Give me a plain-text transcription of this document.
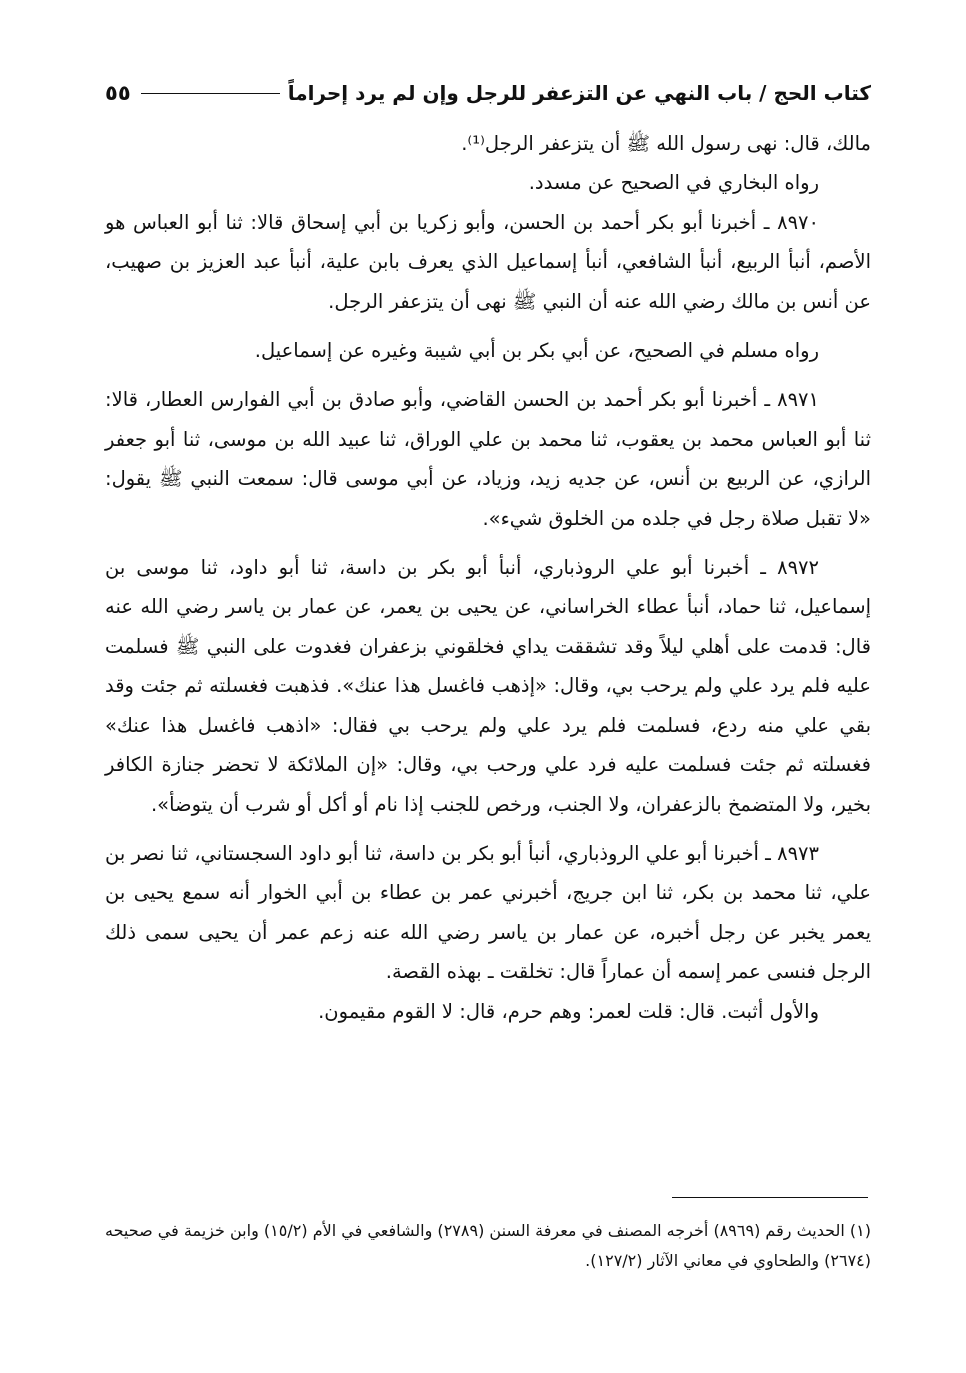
كتاب الحج / باب النهي عن التزعفر للرجل وإن لم يرد إحراماً
٥٥

مالك، قال: نهى رسول الله ﷺ أن يتزعفر الرجل⁽¹⁾.

رواه البخاري في الصحيح عن مسدد.

٨٩٧٠ ـ أخبرنا أبو بكر أحمد بن الحسن، وأبو زكريا بن أبي إسحاق قالا: ثنا أبو العباس هو الأصم، أنبأ الربيع، أنبأ الشافعي، أنبأ إسماعيل الذي يعرف بابن علية، أنبأ عبد العزيز بن صهيب، عن أنس بن مالك رضي الله عنه أن النبي ﷺ نهى أن يتزعفر الرجل.

رواه مسلم في الصحيح، عن أبي بكر بن أبي شيبة وغيره عن إسماعيل.

٨٩٧١ ـ أخبرنا أبو بكر أحمد بن الحسن القاضي، وأبو صادق بن أبي الفوارس العطار، قالا: ثنا أبو العباس محمد بن يعقوب، ثنا محمد بن علي الوراق، ثنا عبيد الله بن موسى، ثنا أبو جعفر الرازي، عن الربيع بن أنس، عن جديه زيد، وزياد، عن أبي موسى قال: سمعت النبي ﷺ يقول: «لا تقبل صلاة رجل في جلده من الخلوق شيء».

٨٩٧٢ ـ أخبرنا أبو علي الروذباري، أنبأ أبو بكر بن داسة، ثنا أبو داود، ثنا موسى بن إسماعيل، ثنا حماد، أنبأ عطاء الخراساني، عن يحيى بن يعمر، عن عمار بن ياسر رضي الله عنه قال: قدمت على أهلي ليلاً وقد تشققت يداي فخلقوني بزعفران فغدوت على النبي ﷺ فسلمت عليه فلم يرد علي ولم يرحب بي، وقال: «إذهب فاغسل هذا عنك». فذهبت فغسلته ثم جئت وقد بقي علي منه ردع، فسلمت فلم يرد علي ولم يرحب بي فقال: «اذهب فاغسل هذا عنك» فغسلته ثم جئت فسلمت عليه فرد علي ورحب بي، وقال: «إن الملائكة لا تحضر جنازة الكافر بخير، ولا المتضمخ بالزعفران، ولا الجنب، ورخص للجنب إذا نام أو أكل أو شرب أن يتوضأ».

٨٩٧٣ ـ أخبرنا أبو علي الروذباري، أنبأ أبو بكر بن داسة، ثنا أبو داود السجستاني، ثنا نصر بن علي، ثنا محمد بن بكر، ثنا ابن جريج، أخبرني عمر بن عطاء بن أبي الخوار أنه سمع يحيى بن يعمر يخبر عن رجل أخبره، عن عمار بن ياسر رضي الله عنه زعم عمر أن يحيى سمى ذلك الرجل فنسى عمر إسمه أن عماراً قال: تخلقت ـ بهذه القصة.

والأول أثبت. قال: قلت لعمر: وهم حرم، قال: لا القوم مقيمون.

(١) الحديث رقم (٨٩٦٩) أخرجه المصنف في معرفة السنن (٢٧٨٩) والشافعي في الأم (١٥/٢) وابن خزيمة في صحيحه (٢٦٧٤) والطحاوي في معاني الآثار (١٢٧/٢).
